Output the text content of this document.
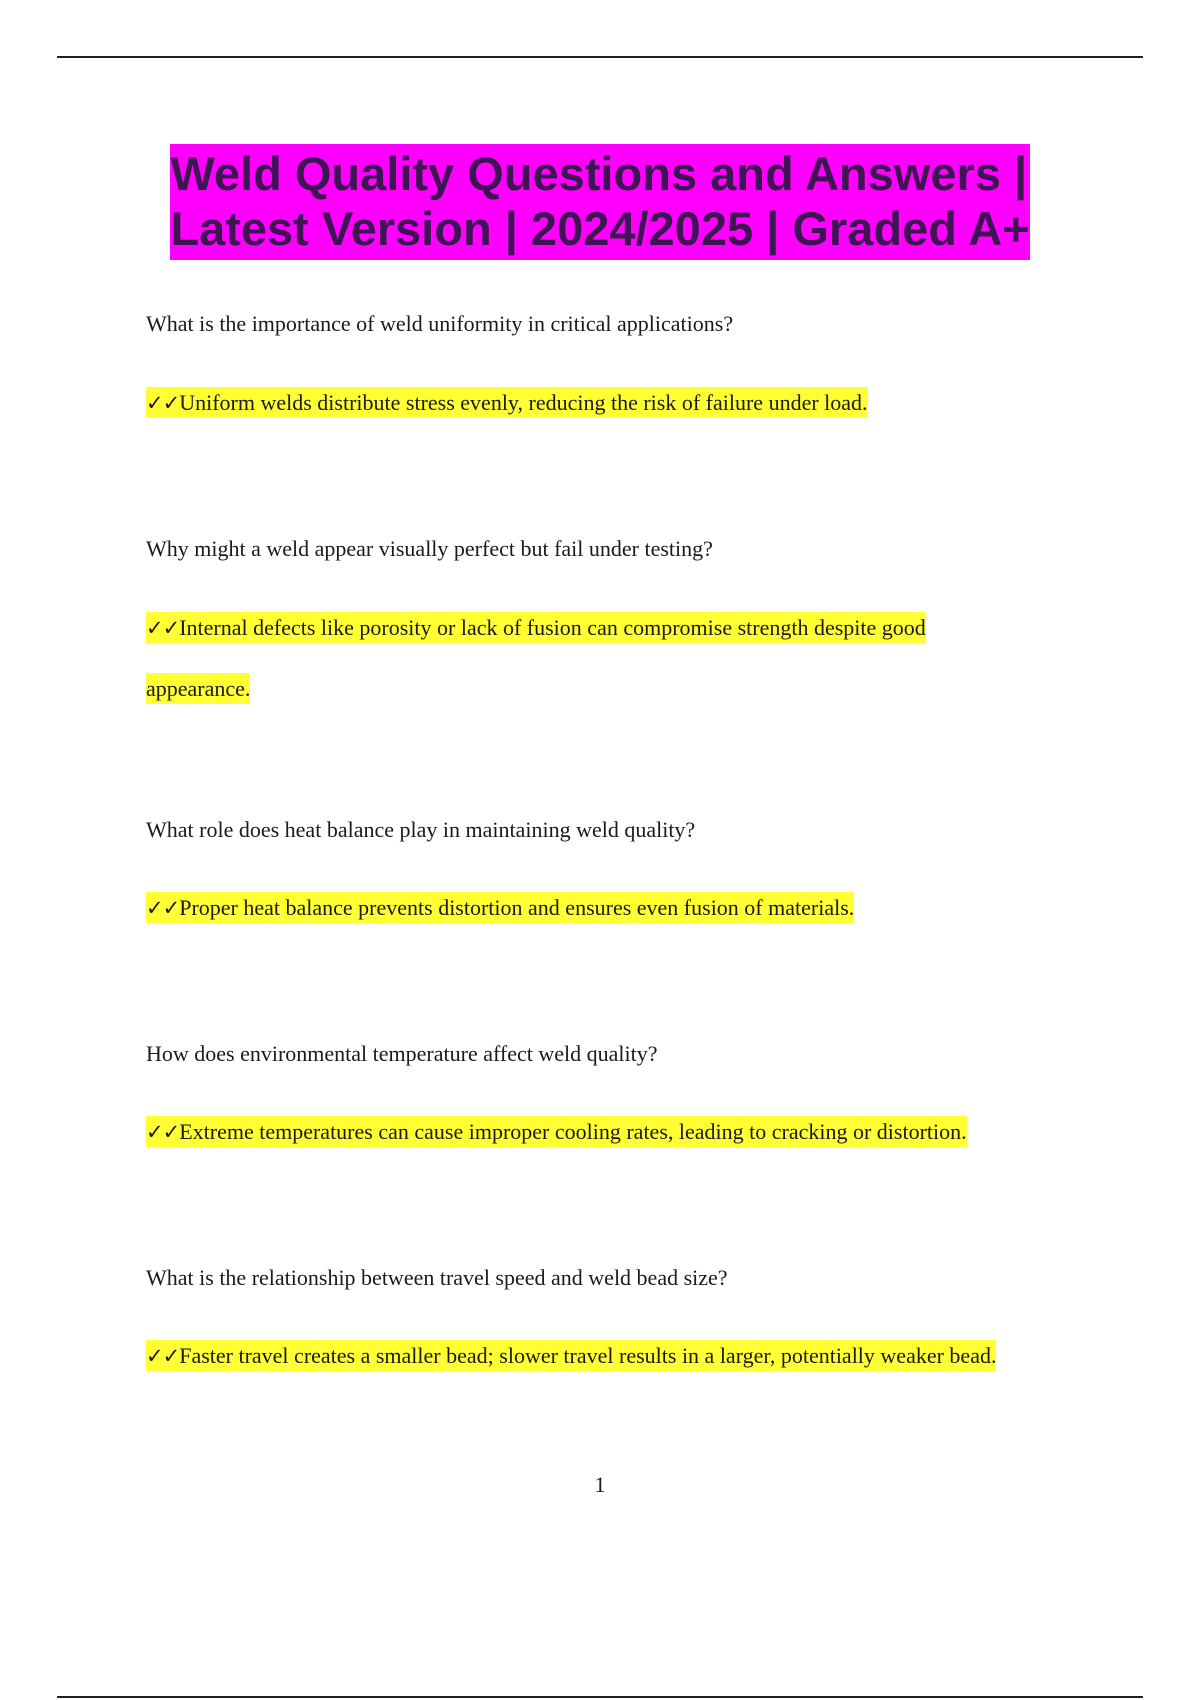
Weld Quality Questions and Answers |
Latest Version | 2024/2025 | Graded A+
What is the importance of weld uniformity in critical applications?
✓✓Uniform welds distribute stress evenly, reducing the risk of failure under load.
Why might a weld appear visually perfect but fail under testing?
✓✓Internal defects like porosity or lack of fusion can compromise strength despite good appearance.
What role does heat balance play in maintaining weld quality?
✓✓Proper heat balance prevents distortion and ensures even fusion of materials.
How does environmental temperature affect weld quality?
✓✓Extreme temperatures can cause improper cooling rates, leading to cracking or distortion.
What is the relationship between travel speed and weld bead size?
✓✓Faster travel creates a smaller bead; slower travel results in a larger, potentially weaker bead.
1
